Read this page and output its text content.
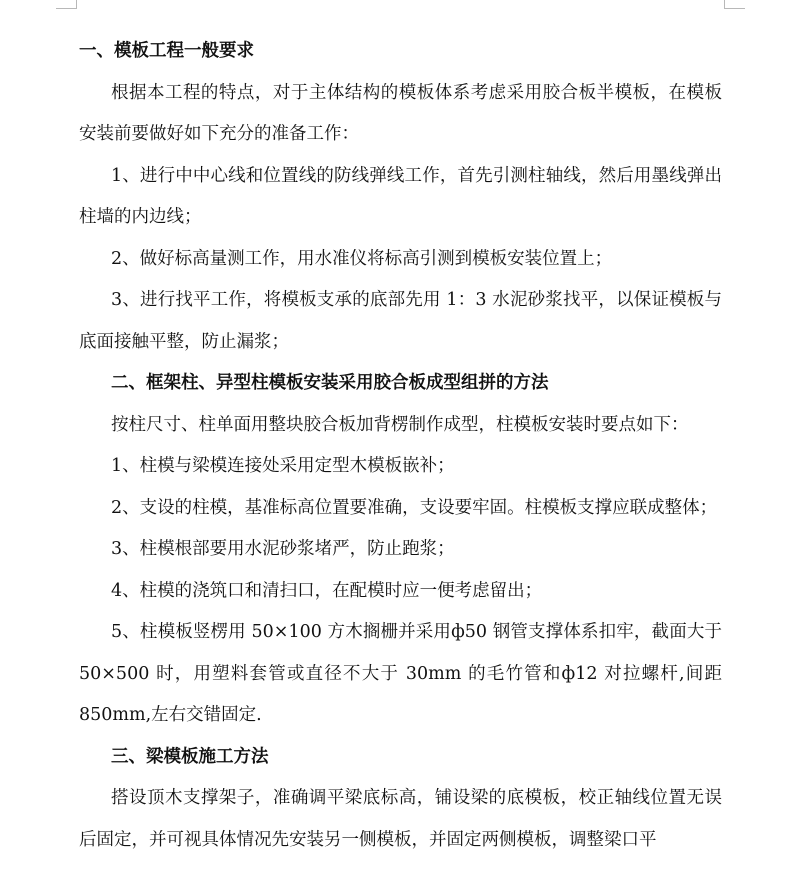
一、模板工程一般要求

根据本工程的特点，对于主体结构的模板体系考虑采用胶合板半模板，在模板安装前要做好如下充分的准备工作：

1、进行中中心线和位置线的防线弹线工作，首先引测柱轴线，然后用墨线弹出柱墙的内边线；

2、做好标高量测工作，用水准仪将标高引测到模板安装位置上；

3、进行找平工作，将模板支承的底部先用 1：3 水泥砂浆找平，以保证模板与底面接触平整，防止漏浆；

二、框架柱、异型柱模板安装采用胶合板成型组拼的方法

按柱尺寸、柱单面用整块胶合板加背楞制作成型，柱模板安装时要点如下：

1、柱模与梁模连接处采用定型木模板嵌补；

2、支设的柱模，基准标高位置要准确，支设要牢固。柱模板支撑应联成整体；

3、柱模根部要用水泥砂浆堵严，防止跑浆；

4、柱模的浇筑口和清扫口，在配模时应一便考虑留出；

5、柱模板竖楞用 50×100 方木搁栅并采用ф50 钢管支撑体系扣牢，截面大于 50×500 时，用塑料套管或直径不大于 30mm 的毛竹管和ф12 对拉螺杆,间距 850mm,左右交错固定.

三、梁模板施工方法

搭设顶木支撑架子，准确调平梁底标高，铺设梁的底模板，校正轴线位置无误后固定，并可视具体情况先安装另一侧模板，并固定两侧模板，调整梁口平
